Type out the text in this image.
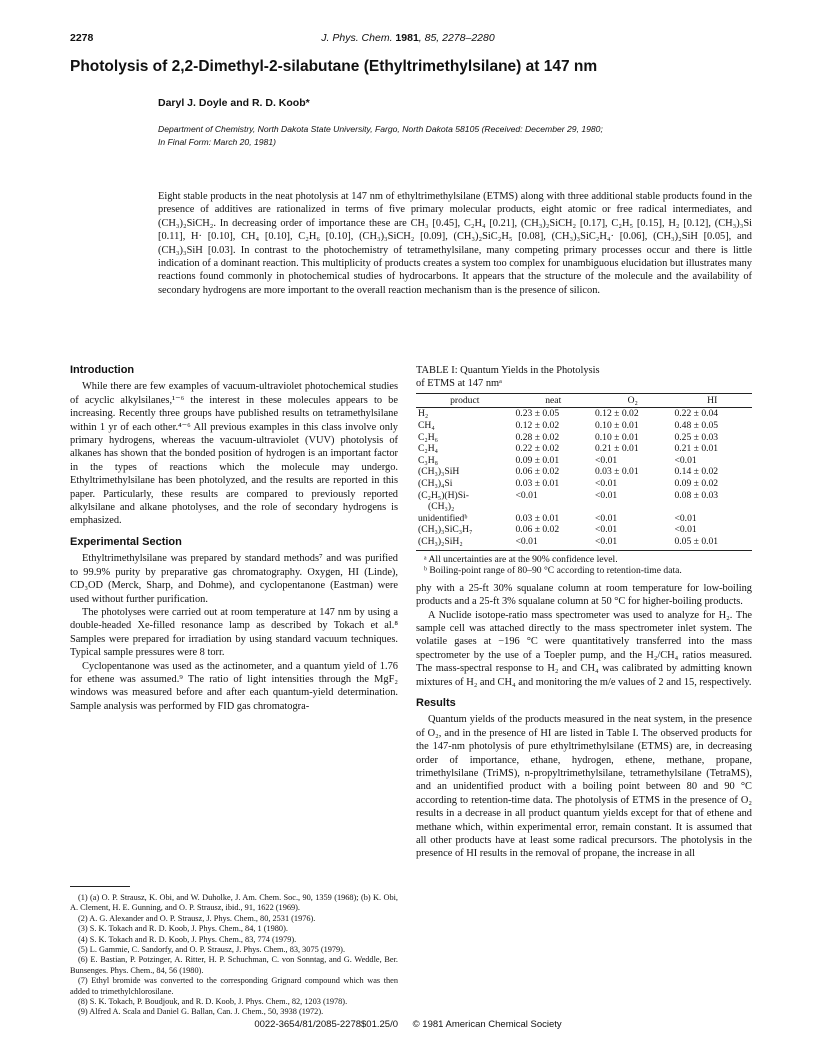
2278	J. Phys. Chem. 1981, 85, 2278–2280
Photolysis of 2,2-Dimethyl-2-silabutane (Ethyltrimethylsilane) at 147 nm
Daryl J. Doyle and R. D. Koob*
Department of Chemistry, North Dakota State University, Fargo, North Dakota 58105 (Received: December 29, 1980;
In Final Form: March 20, 1981)
Eight stable products in the neat photolysis at 147 nm of ethyltrimethylsilane (ETMS) along with three additional stable products found in the presence of additives are rationalized in terms of five primary molecular products, eight atomic or free radical intermediates, and (CH₃)₂SiCH₂. In decreasing order of importance these are CH₃ [0.45], C₂H₄ [0.21], (CH₃)₂SiCH₂ [0.17], C₂H₅ [0.15], H₂ [0.12], (CH₃)₃Si [0.11], H· [0.10], CH₄ [0.10], C₂H₆ [0.10], (CH₃)₃SiCH₂ [0.09], (CH₃)₂SiC₂H₅ [0.08], (CH₃)₃SiC₂H₄· [0.06], (CH₃)₂SiH [0.05], and (CH₃)₃SiH [0.03]. In contrast to the photochemistry of tetramethylsilane, many competing primary processes occur and there is little indication of a dominant reaction. This multiplicity of products creates a system too complex for unambiguous elucidation but illustrates many reactions found commonly in photochemical studies of hydrocarbons. It appears that the structure of the molecule and the availability of secondary hydrogens are more important to the overall reaction mechanism than is the presence of silicon.
Introduction

While there are few examples of vacuum-ultraviolet photochemical studies of acyclic alkylsilanes,¹⁻⁶ the interest in these molecules appears to be increasing. Recently three groups have published results on tetramethylsilane within 1 yr of each other.⁴⁻⁶ All previous examples in this class involve only primary hydrogens, whereas the vacuum-ultraviolet (VUV) photolysis of alkanes has shown that the bonded position of hydrogen is an important factor in the types of reactions which the molecule may undergo. Ethyltrimethylsilane has been photolyzed, and the results are reported in this paper. Particularly, these results are compared to previously reported alkylsilane and alkane photolyses, and the role of secondary hydrogens is emphasized.

Experimental Section

Ethyltrimethylsilane was prepared by standard methods⁷ and was purified to 99.9% purity by preparative gas chromatography. Oxygen, HI (Linde), CD₃OD (Merck, Sharp, and Dohme), and cyclopentanone (Eastman) were used without further purification.

The photolyses were carried out at room temperature at 147 nm by using a double-headed Xe-filled resonance lamp as described by Tokach et al.⁸ Samples were prepared for irradiation by using standard vacuum techniques. Typical sample pressures were 8 torr.

Cyclopentanone was used as the actinometer, and a quantum yield of 1.76 for ethene was assumed.⁹ The ratio of light intensities through the MgF₂ windows was measured before and after each quantum-yield determination. Sample analysis was performed by FID gas chromatogra-

(1) (a) O. P. Strausz, K. Obi, and W. Duholke, J. Am. Chem. Soc., 90, 1359 (1968); (b) K. Obi, A. Clement, H. E. Gunning, and O. P. Strausz, ibid., 91, 1622 (1969).
(2) A. G. Alexander and O. P. Strausz, J. Phys. Chem., 80, 2531 (1976).
(3) S. K. Tokach and R. D. Koob, J. Phys. Chem., 84, 1 (1980).
(4) S. K. Tokach and R. D. Koob, J. Phys. Chem., 83, 774 (1979).
(5) L. Gammie, C. Sandorfy, and O. P. Strausz, J. Phys. Chem., 83, 3075 (1979).
(6) E. Bastian, P. Potzinger, A. Ritter, H. P. Schuchman, C. von Sonntag, and G. Weddle, Ber. Bunsenges. Phys. Chem., 84, 56 (1980).
(7) Ethyl bromide was converted to the corresponding Grignard compound which was then added to trimethylchlorosilane.
(8) S. K. Tokach, P. Boudjouk, and R. D. Koob, J. Phys. Chem., 82, 1203 (1978).
(9) Alfred A. Scala and Daniel G. Ballan, Can. J. Chem., 50, 3938 (1972).
TABLE I: Quantum Yields in the Photolysis
of ETMS at 147 nmᵃ
product	neat	O₂	HI
H₂	0.23 ± 0.05	0.12 ± 0.02	0.22 ± 0.04
CH₄	0.12 ± 0.02	0.10 ± 0.01	0.48 ± 0.05
C₂H₆	0.28 ± 0.02	0.10 ± 0.01	0.25 ± 0.03
C₂H₄	0.22 ± 0.02	0.21 ± 0.01	0.21 ± 0.01
C₃H₈	0.09 ± 0.01	<0.01	<0.01
(CH₃)₃SiH	0.06 ± 0.02	0.03 ± 0.01	0.14 ± 0.02
(CH₃)₄Si	0.03 ± 0.01	<0.01	0.09 ± 0.02
(C₂H₅)(H)Si-	<0.01	<0.01	0.08 ± 0.03
(CH₃)₂			
unidentifiedᵇ	0.03 ± 0.01	<0.01	<0.01
(CH₃)₃SiC₃H₇	0.06 ± 0.02	<0.01	<0.01
(CH₃)₂SiH₂	<0.01	<0.01	0.05 ± 0.01
ᵃ All uncertainties are at the 90% confidence level.
ᵇ Boiling-point range of 80–90 °C according to retention-time data.

phy with a 25-ft 30% squalane column at room temperature for low-boiling products and a 25-ft 3% squalane column at 50 °C for higher-boiling products.

A Nuclide isotope-ratio mass spectrometer was used to analyze for H₂. The sample cell was attached directly to the mass spectrometer inlet system. The volatile gases at −196 °C were quantitatively transferred into the mass spectrometer by the use of a Toepler pump, and the H₂/CH₄ ratios measured. The mass-spectral response to H₂ and CH₄ was calibrated by admitting known mixtures of H₂ and CH₄ and monitoring the m/e values of 2 and 15, respectively.

Results

Quantum yields of the products measured in the neat system, in the presence of O₂, and in the presence of HI are listed in Table I. The observed products for the 147-nm photolysis of pure ethyltrimethylsilane (ETMS) are, in decreasing order of importance, ethane, hydrogen, ethene, methane, propane, trimethylsilane (TriMS), n-propyltrimethylsilane, tetramethylsilane (TetraMS), and an unidentified product with a boiling point between 80 and 90 °C according to retention-time data. The photolysis of ETMS in the presence of O₂ results in a decrease in all product quantum yields except for that of ethene and methane which, within experimental error, remain constant. It is assumed that all other products have at least some radical precursors. The photolysis in the presence of HI results in the removal of propane, the increase in all

0022-3654/81/2085-2278$01.25/0 © 1981 American Chemical Society
